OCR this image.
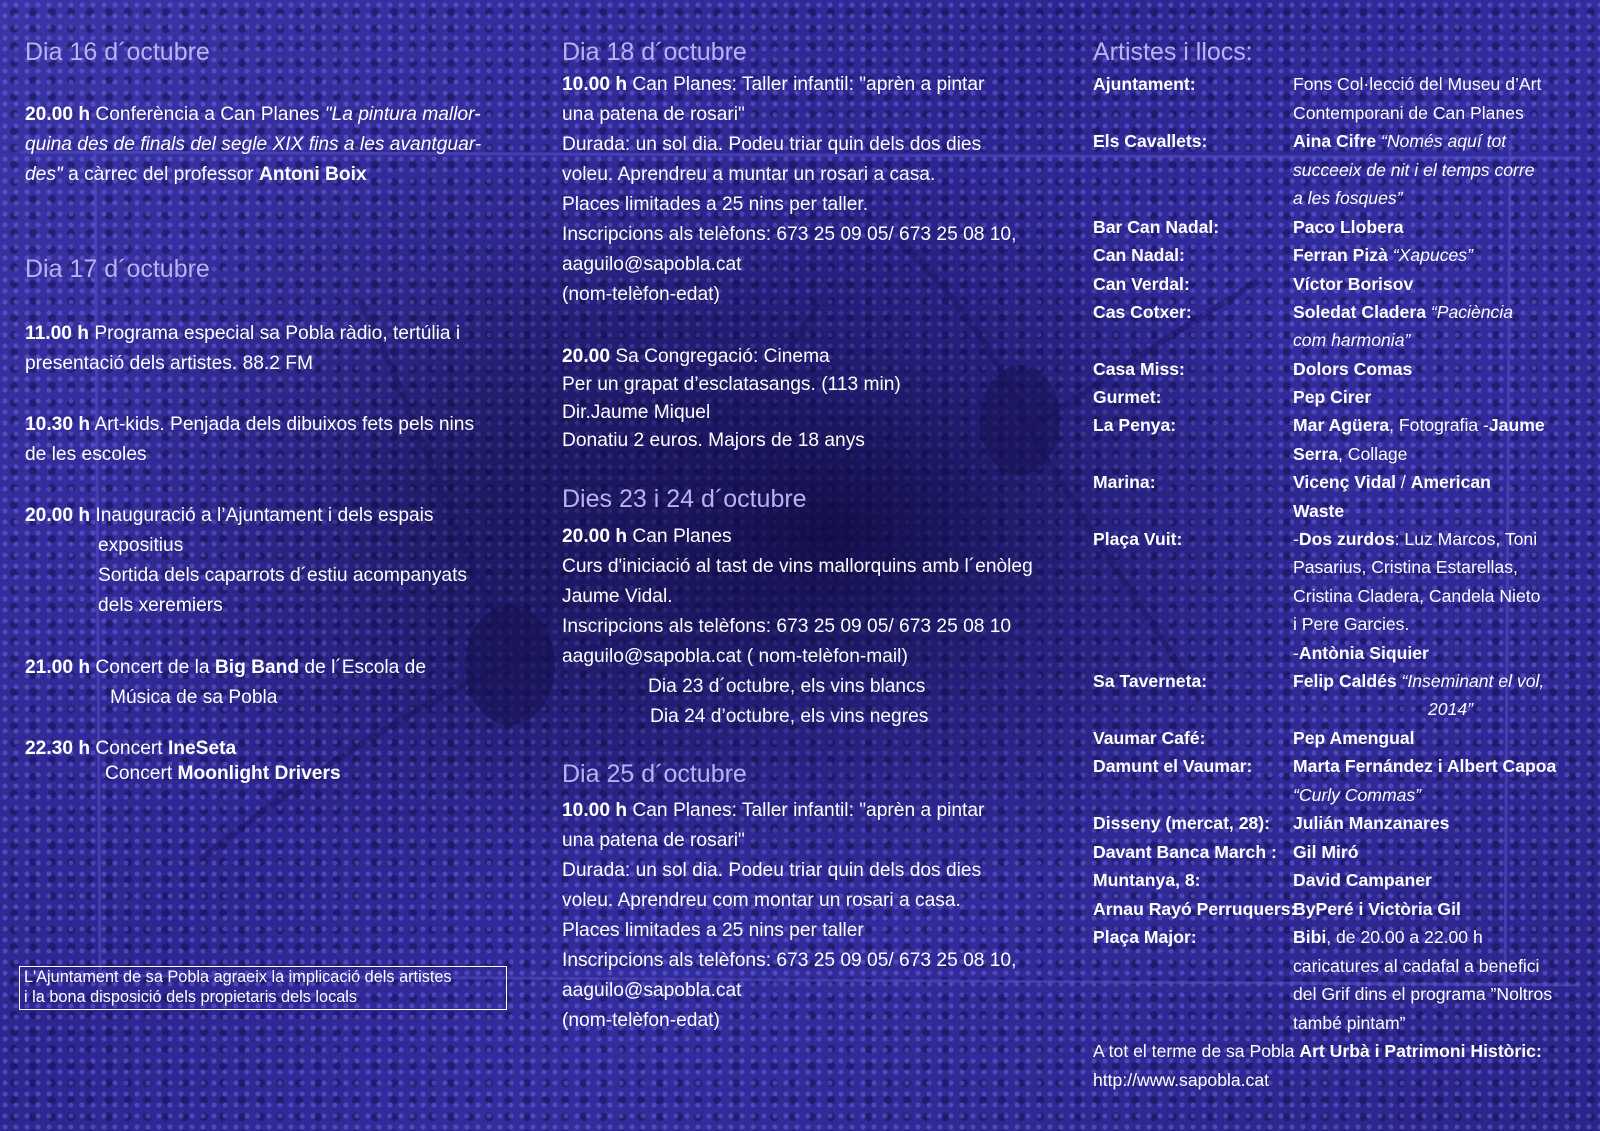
Dia 16 d´octubre
20.00 h Conferència a Can Planes "La pintura mallor-
quina des de finals del segle XIX fins a les avantguar-
des" a càrrec del professor Antoni Boix
Dia 17 d´octubre
11.00 h Programa especial sa Pobla ràdio, tertúlia i
presentació dels artistes. 88.2 FM
10.30 h Art-kids. Penjada dels dibuixos fets pels nins
de les escoles
20.00 h Inauguració a l’Ajuntament i dels espais
expositius
Sortida dels caparrots d´estiu acompanyats
dels xeremiers
21.00 h Concert de la Big Band de l´Escola de
Música de sa Pobla
22.30 h Concert IneSeta
Concert Moonlight Drivers
L'Ajuntament de sa Pobla agraeix la implicació dels artistes
i la bona disposició dels propietaris dels locals
Dia 18 d´octubre
10.00 h Can Planes: Taller infantil: "aprèn a pintar
una patena de rosari"
Durada: un sol dia. Podeu triar quin dels dos dies
voleu. Aprendreu a muntar un rosari a casa.
Places limitades a 25 nins per taller.
Inscripcions als telèfons: 673 25 09 05/ 673 25 08 10,
aaguilo@sapobla.cat
(nom-telèfon-edat)
20.00 Sa Congregació: Cinema
Per un grapat d’esclatasangs. (113 min)
Dir.Jaume Miquel
Donatiu 2 euros. Majors de 18 anys
Dies 23 i 24 d´octubre
20.00 h Can Planes
Curs d'iniciació al tast de vins mallorquins amb l´enòleg
Jaume Vidal.
Inscripcions als telèfons: 673 25 09 05/ 673 25 08 10
aaguilo@sapobla.cat ( nom-telèfon-mail)
Dia 23 d´octubre, els vins blancs
Dia 24 d’octubre, els vins negres
Dia 25 d´octubre
10.00 h Can Planes: Taller infantil: "aprèn a pintar
una patena de rosari"
Durada: un sol dia. Podeu triar quin dels dos dies
voleu. Aprendreu com montar un rosari a casa.
Places limitades a 25 nins per taller
Inscripcions als telèfons: 673 25 09 05/ 673 25 08 10,
aaguilo@sapobla.cat
(nom-telèfon-edat)
Artistes i llocs:
Ajuntament:	Fons Col·lecció del Museu d’Art
Contemporani de Can Planes
Els Cavallets:	Aina Cifre “Només aquí tot
succeeix de nit i el temps corre
a les fosques”
Bar Can Nadal:	Paco Llobera
Can Nadal:	Ferran Pizà “Xapuces”
Can Verdal:	Víctor Borisov
Cas Cotxer:	Soledat Cladera “Paciència
com harmonia”
Casa Miss:	Dolors Comas
Gurmet:	Pep Cirer
La Penya:	Mar Agüera, Fotografia -Jaume
Serra, Collage
Marina:	Vicenç Vidal / American
Waste
Plaça Vuit:	-Dos zurdos: Luz Marcos, Toni
Pasarius, Cristina Estarellas,
Cristina Cladera, Candela Nieto
i Pere Garcies.
-Antònia Siquier
Sa Taverneta:	Felip Caldés “Inseminant el vol,
2014”
Vaumar Café:	Pep Amengual
Damunt el Vaumar: Marta Fernández i Albert Capoa
“Curly Commas”
Disseny (mercat, 28): Julián Manzanares
Davant Banca March : Gil Miró
Muntanya, 8:	David Campaner
Arnau Rayó Perruquers:
ByPeré i Victòria Gil
Plaça Major:	Bibi, de 20.00 a 22.00 h
caricatures al cadafal a benefici
del Grif dins el programa ”Noltros
també pintam”
A tot el terme de sa Pobla Art Urbà i Patrimoni Històric:
http://www.sapobla.cat
